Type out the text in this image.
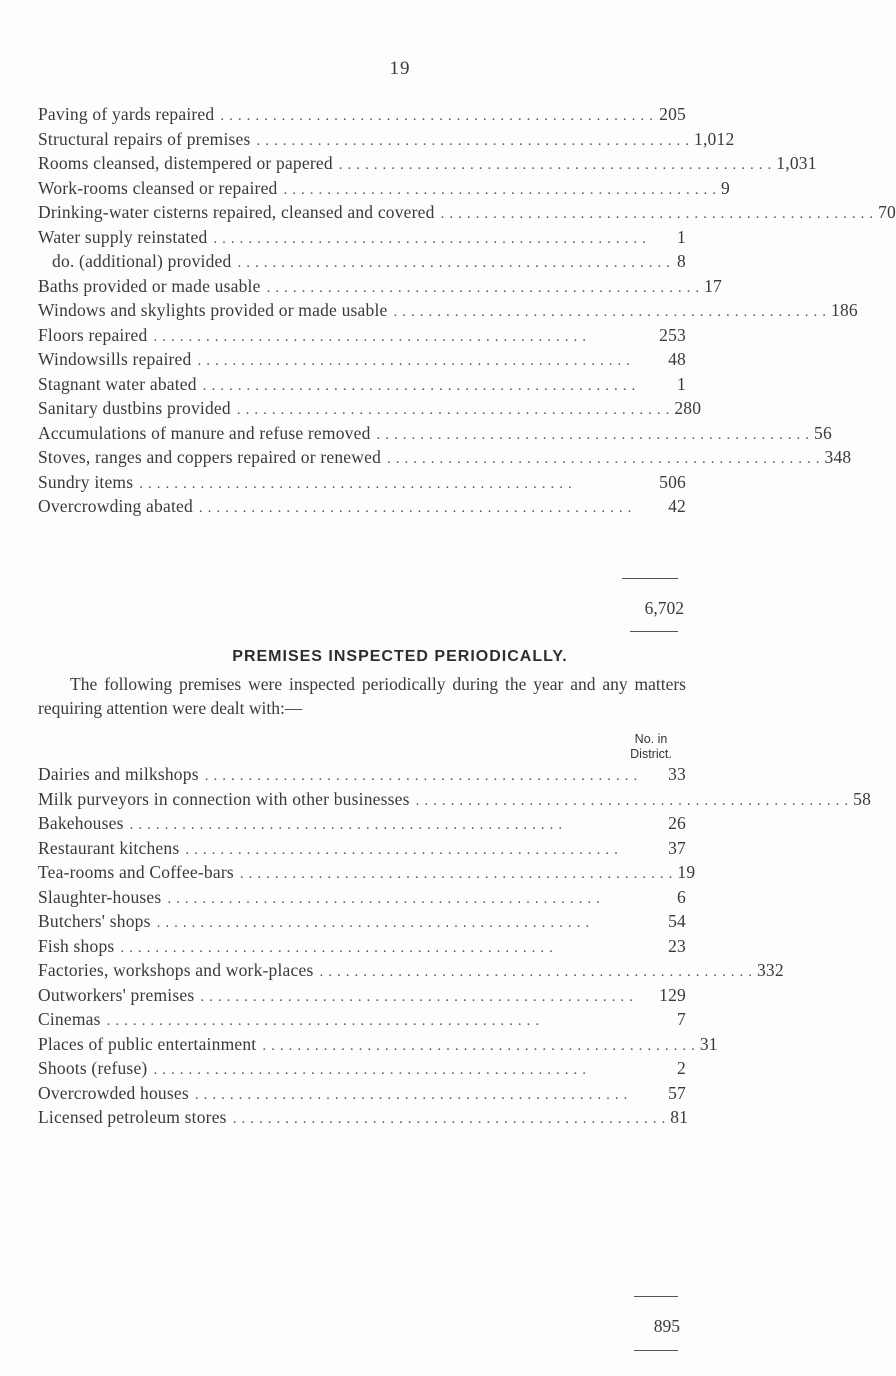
19
Paving of yards repaired .................................................. 205
Structural repairs of premises .................................................. 1,012
Rooms cleansed, distempered or papered .................................................. 1,031
Work-rooms cleansed or repaired .................................................. 9
Drinking-water cisterns repaired, cleansed and covered .................................................. 70
Water supply reinstated ..................................................	1
do. (additional) provided .................................................. 8
Baths provided or made usable .................................................. 17
Windows and skylights provided or made usable .................................................. 186
Floors repaired ..................................................	253
Windowsills repaired ..................................................	48
Stagnant water abated ..................................................	1
Sanitary dustbins provided .................................................. 280
Accumulations of manure and refuse removed .................................................. 56
Stoves, ranges and coppers repaired or renewed .................................................. 348
Sundry items ..................................................	506
Overcrowding abated ..................................................	42
6,702
PREMISES INSPECTED PERIODICALLY.
The following premises were inspected periodically during the year and any matters requiring attention were dealt with:—
No. in
District.
Dairies and milkshops ..................................................	33
Milk purveyors in connection with other businesses .................................................. 58
Bakehouses ..................................................	26
Restaurant kitchens ..................................................	37
Tea-rooms and Coffee-bars .................................................. 19
Slaughter-houses ..................................................	6
Butchers' shops ..................................................	54
Fish shops ..................................................	23
Factories, workshops and work-places .................................................. 332
Outworkers' premises ..................................................	129
Cinemas ..................................................	7
Places of public entertainment .................................................. 31
Shoots (refuse) ..................................................	2
Overcrowded houses ..................................................	57
Licensed petroleum stores .................................................. 81
895
